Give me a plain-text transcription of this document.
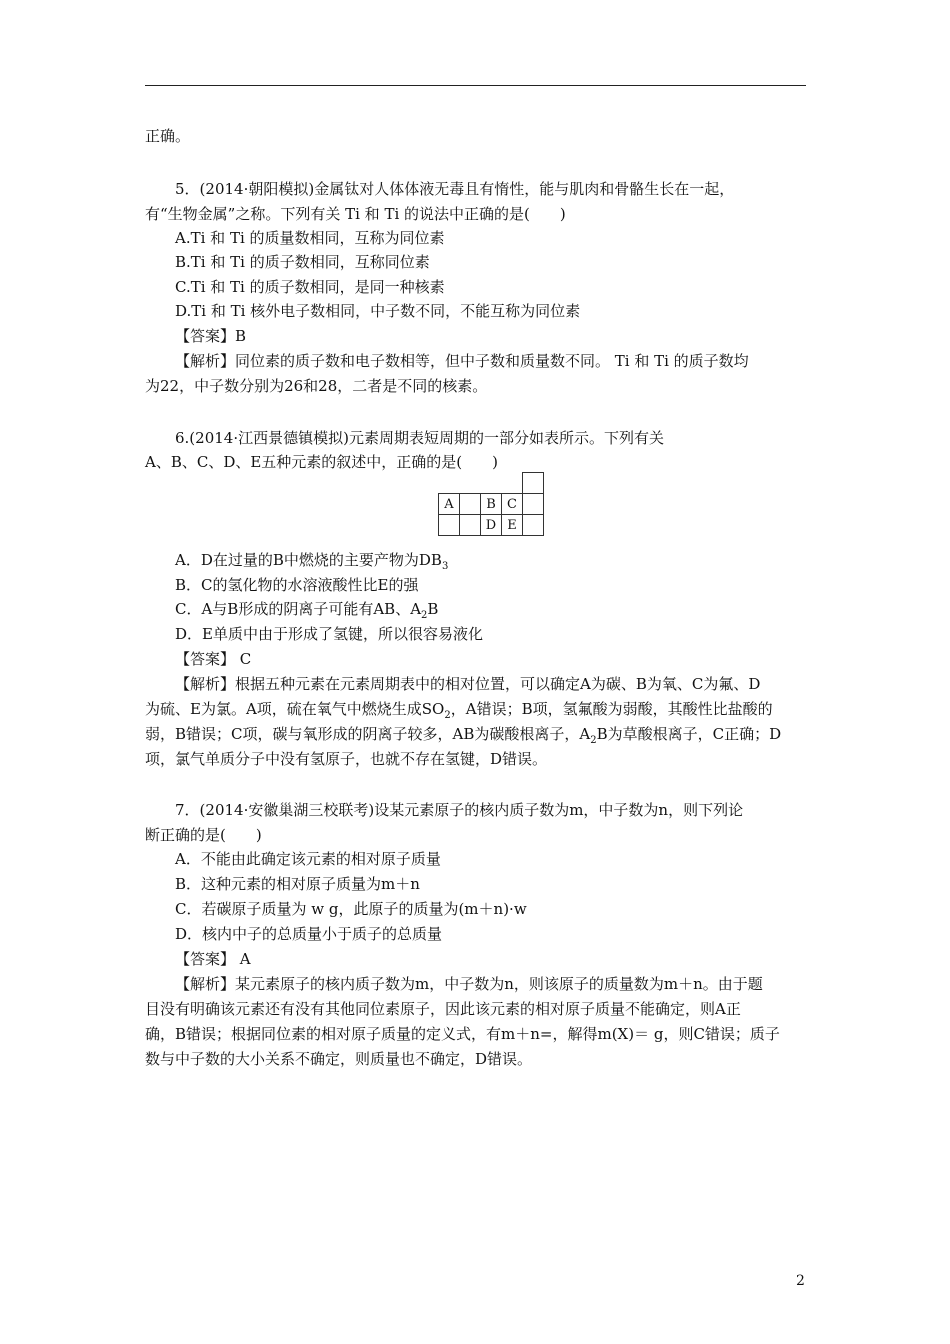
正确。
5．(2014·朝阳模拟)金属钛对人体体液无毒且有惰性，能与肌肉和骨骼生长在一起，
有“生物金属”之称。下列有关 Ti 和 Ti 的说法中正确的是(　　)
A.Ti 和 Ti 的质量数相同，互称为同位素
B.Ti 和 Ti 的质子数相同，互称同位素
C.Ti 和 Ti 的质子数相同，是同一种核素
D.Ti 和 Ti 核外电子数相同，中子数不同，不能互称为同位素
【答案】B
【解析】同位素的质子数和电子数相等，但中子数和质量数不同。 Ti 和 Ti 的质子数均
为22，中子数分别为26和28，二者是不同的核素。
6.(2014·江西景德镇模拟)元素周期表短周期的一部分如表所示。下列有关
A、B、C、D、E五种元素的叙述中，正确的是(　　)

A		B	C	
		D	E	
A．D在过量的B中燃烧的主要产物为$DB_3$
B．C的氢化物的水溶液酸性比E的强
C．A与B形成的阴离子可能有AB、$A_2B$
D．E单质中由于形成了氢键，所以很容易液化
【答案】 C
【解析】根据五种元素在元素周期表中的相对位置，可以确定A为碳、B为氧、C为氟、D
为硫、E为氯。A项，硫在氧气中燃烧生成$SO_2$，A错误；B项，氢氟酸为弱酸，其酸性比盐酸的
弱，B错误；C项，碳与氧形成的阴离子较多，AB为碳酸根离子，$A_2B$为草酸根离子，C正确；D
项，氯气单质分子中没有氢原子，也就不存在氢键，D错误。
7．(2014·安徽巢湖三校联考)设某元素原子的核内质子数为m，中子数为n，则下列论
断正确的是(　　)
A．不能由此确定该元素的相对原子质量
B．这种元素的相对原子质量为m＋n
C．若碳原子质量为 w g，此原子的质量为(m＋n)·w
D．核内中子的总质量小于质子的总质量
【答案】 A
【解析】某元素原子的核内质子数为m，中子数为n，则该原子的质量数为m＋n。由于题
目没有明确该元素还有没有其他同位素原子，因此该元素的相对原子质量不能确定，则A正
确，B错误；根据同位素的相对原子质量的定义式，有m＋n=，解得m(X)＝ g，则C错误；质子
数与中子数的大小关系不确定，则质量也不确定，D错误。
2
